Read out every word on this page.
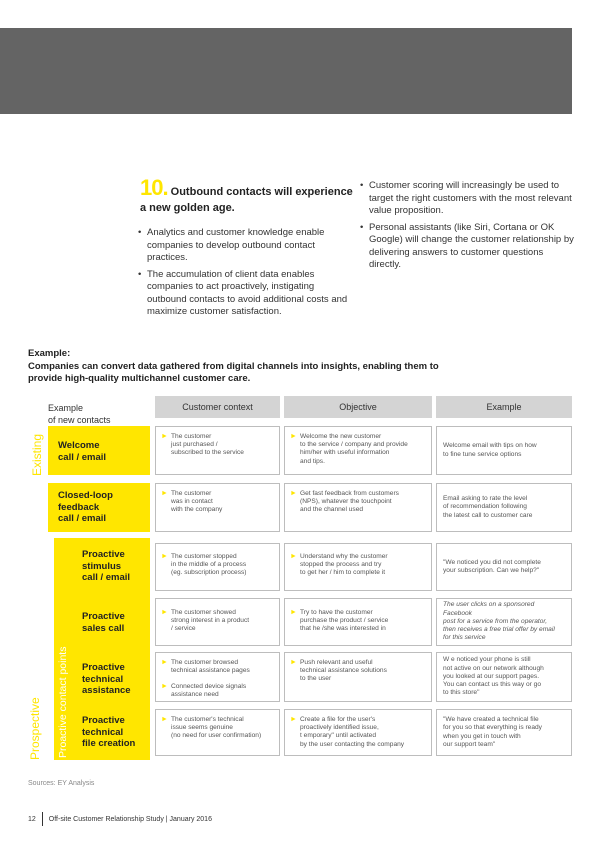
10. Outbound contacts will experience
a new golden age.
• Analytics and customer knowledge enable companies to develop outbound contact practices.
• The accumulation of client data enables companies to act proactively, instigating outbound contacts to avoid additional costs and maximize customer satisfaction.
• Customer scoring will increasingly be used to target the right customers with the most relevant value proposition.
• Personal assistants (like Siri, Cortana or OK Google) will change the customer relationship by delivering answers to customer questions directly.
Example:
Companies can convert data gathered from digital channels into insights, enabling them to provide high-quality multichannel customer care.
Example
of new contacts
Customer context	Objective	Example
Existing
Prospective Proactive contact points
Welcome
call / email
► The customer
just purchased /
subscribed to the service
► Welcome the new customer
to the service / company and provide
him/her with useful information
and tips.
Welcome email with tips on how
to fine tune service options
Closed-loop
feedback
call / email
► The customer
was in contact
with the company
► Get fast feedback from customers
(NPS), whatever the touchpoint
and the channel used
Email asking to rate the level
of recommendation following
the latest call to customer care
Proactive
stimulus
call / email
► The customer stopped
in the middle of a process
(eg. subscription process)
► Understand why the customer
stopped the process and try
to get her / him to complete it
"We noticed you did not complete
your subscription. Can we help?"
Proactive
sales call
► The customer showed
strong interest in a product
/ service
► Try to have the customer
purchase the product / service
that he /she was interested in
The user clicks on a sponsored Facebook
post for a service from the operator,
then receives a free trial offer by email
for this service
Proactive
technical
assistance
► The customer browsed
technical assistance pages
► Connected device signals
assistance need
► Push relevant and useful
technical assistance solutions
to the user
W e noticed your phone is still
not active on our network although
you looked at our support pages.
You can contact us this way or go
to this store"
Proactive
technical
file creation
► The customer's technical
issue seems genuine
(no need for user confirmation)
► Create a file for the user's
proactively identified issue,
t emporary" until activated
by the user contacting the company
"We have created a technical file
for you so that everything is ready
when you get in touch with
our support team"
Sources: EY Analysis
12 Off-site Customer Relationship Study | January 2016
